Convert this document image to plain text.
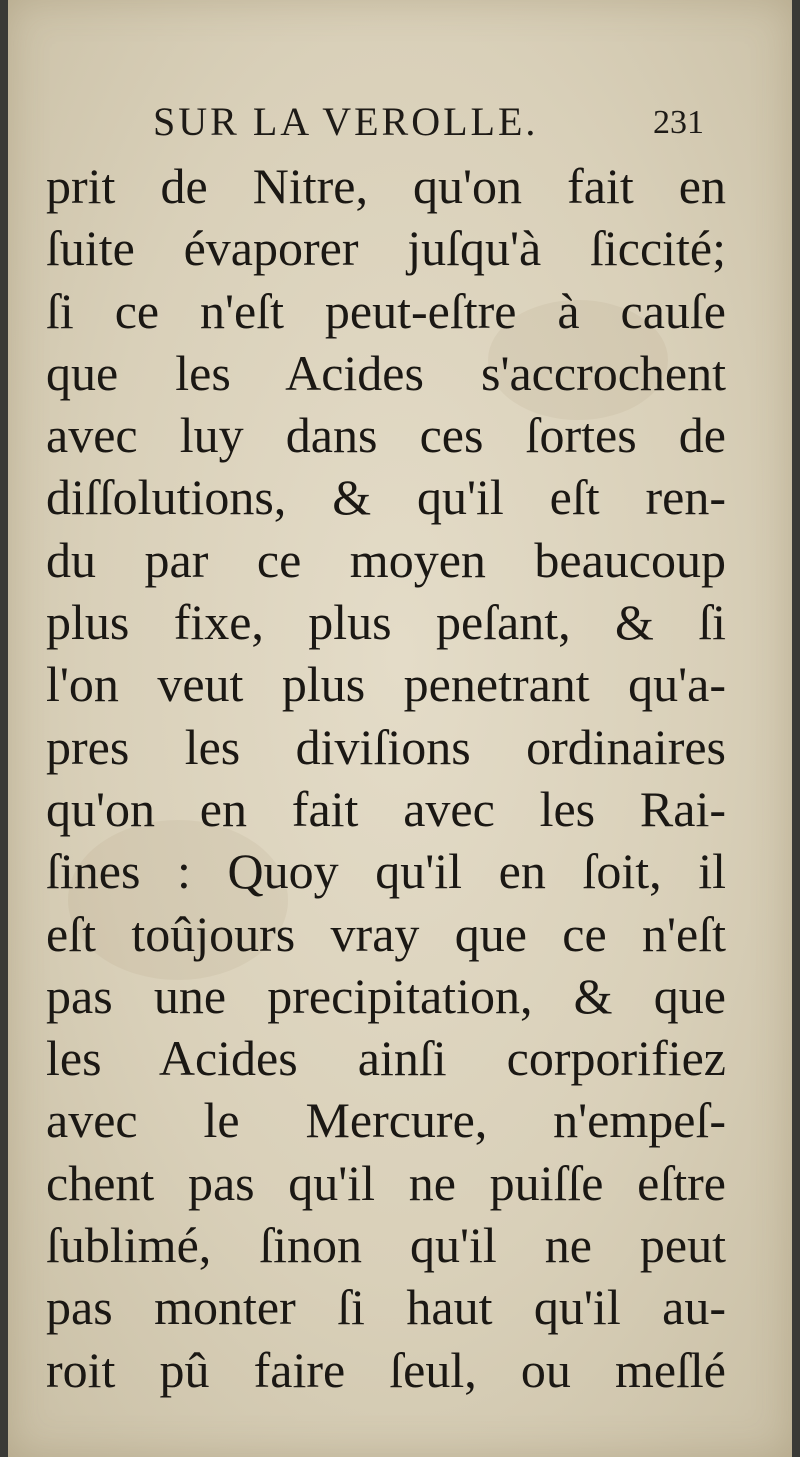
SUR LA VEROLLE.	231
prit de Nitre, qu'on fait en
ſuite évaporer juſqu'à ſiccité;
ſi ce n'eſt peut-eſtre à cauſe
que les Acides s'accrochent
avec luy dans ces ſortes de
diſſolutions, & qu'il eſt ren-
du par ce moyen beaucoup
plus fixe, plus peſant, & ſi
l'on veut plus penetrant qu'a-
pres les diviſions ordinaires
qu'on en fait avec les Rai-
ſines : Quoy qu'il en ſoit, il
eſt toûjours vray que ce n'eſt
pas une precipitation, & que
les Acides ainſi corporifiez
avec le Mercure, n'empeſ-
chent pas qu'il ne puiſſe eſtre
ſublimé, ſinon qu'il ne peut
pas monter ſi haut qu'il au-
roit pû faire ſeul, ou meſlé
